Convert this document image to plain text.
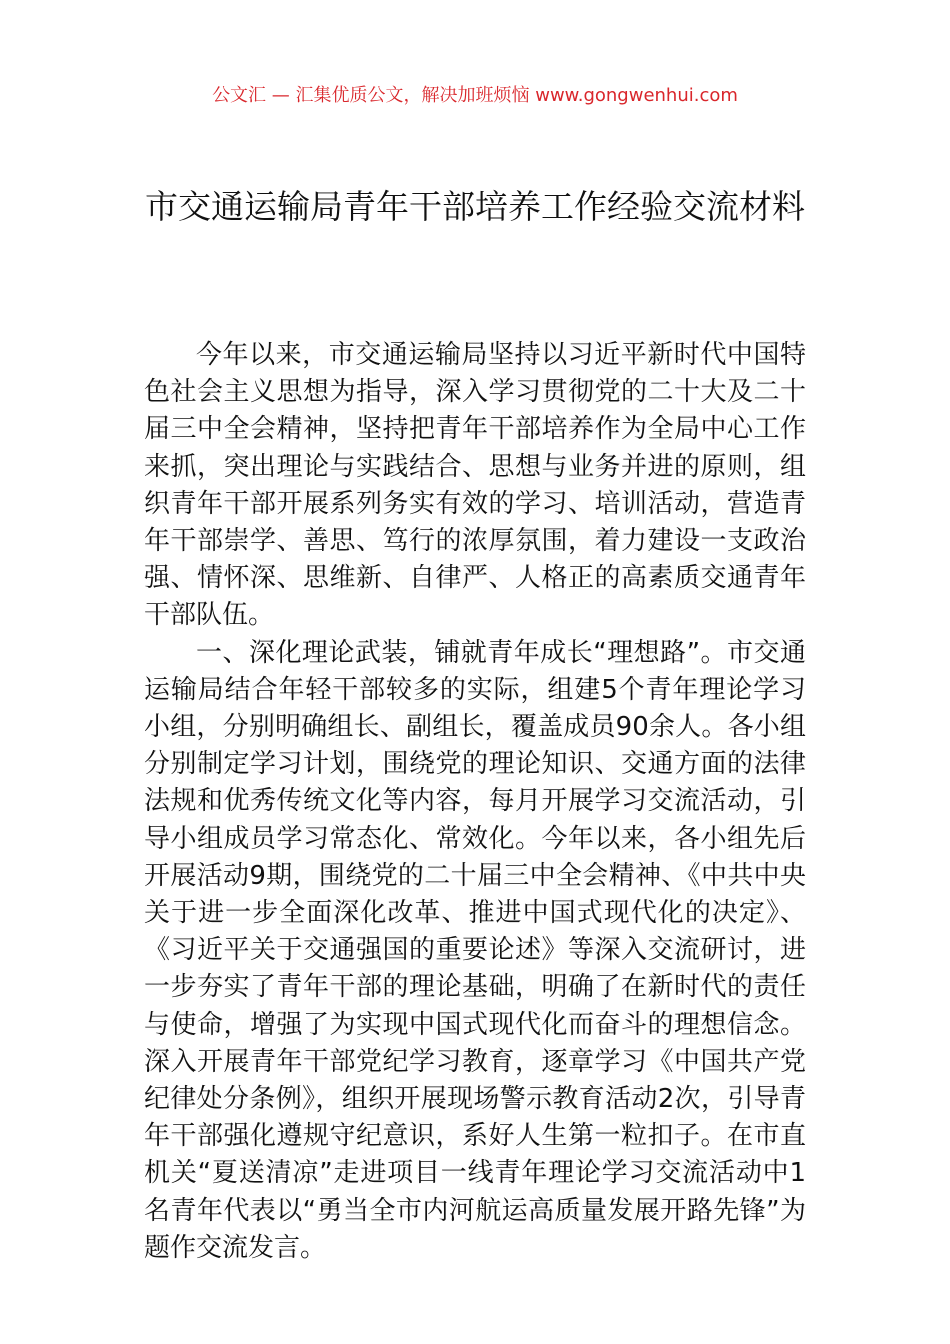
公文汇 — 汇集优质公文，解决加班烦恼 www.gongwenhui.com
市交通运输局青年干部培养工作经验交流材料

今年以来，市交通运输局坚持以习近平新时代中国特色社会主义思想为指导，深入学习贯彻党的二十大及二十届三中全会精神，坚持把青年干部培养作为全局中心工作来抓，突出理论与实践结合、思想与业务并进的原则，组织青年干部开展系列务实有效的学习、培训活动，营造青年干部崇学、善思、笃行的浓厚氛围，着力建设一支政治强、情怀深、思维新、自律严、人格正的高素质交通青年干部队伍。

一、深化理论武装，铺就青年成长“理想路”。市交通运输局结合年轻干部较多的实际，组建5个青年理论学习小组，分别明确组长、副组长，覆盖成员90余人。各小组分别制定学习计划，围绕党的理论知识、交通方面的法律法规和优秀传统文化等内容，每月开展学习交流活动，引导小组成员学习常态化、常效化。今年以来，各小组先后开展活动9期，围绕党的二十届三中全会精神、《中共中央关于进一步全面深化改革、推进中国式现代化的决定》、《习近平关于交通强国的重要论述》等深入交流研讨，进一步夯实了青年干部的理论基础，明确了在新时代的责任与使命，增强了为实现中国式现代化而奋斗的理想信念。深入开展青年干部党纪学习教育，逐章学习《中国共产党纪律处分条例》，组织开展现场警示教育活动2次，引导青年干部强化遵规守纪意识，系好人生第一粒扣子。在市直机关“夏送清凉”走进项目一线青年理论学习交流活动中1名青年代表以“勇当全市内河航运高质量发展开路先锋”为题作交流发言。
